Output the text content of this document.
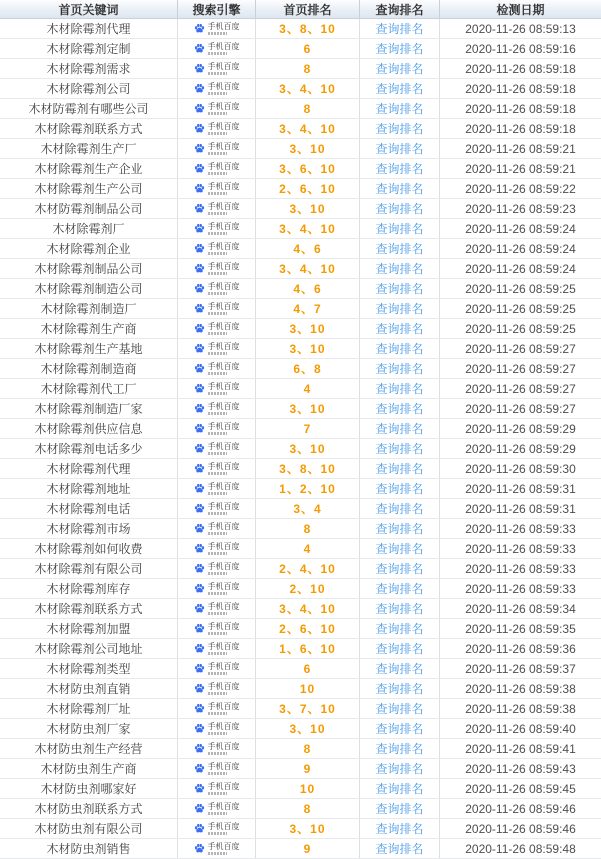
首页关键词	搜索引擎	首页排名	查询排名	检测日期
木材除霉剂代理	手机百度	3、8、10	查询排名	2020-11-26 08:59:13
木材除霉剂定制	手机百度	6	查询排名	2020-11-26 08:59:16
木材除霉剂需求	手机百度	8	查询排名	2020-11-26 08:59:18
木材除霉剂公司	手机百度	3、4、10	查询排名	2020-11-26 08:59:18
木材防霉剂有哪些公司	手机百度	8	查询排名	2020-11-26 08:59:18
木材除霉剂联系方式	手机百度	3、4、10	查询排名	2020-11-26 08:59:18
木材除霉剂生产厂	手机百度	3、10	查询排名	2020-11-26 08:59:21
木材除霉剂生产企业	手机百度	3、6、10	查询排名	2020-11-26 08:59:21
木材除霉剂生产公司	手机百度	2、6、10	查询排名	2020-11-26 08:59:22
木材防霉剂制品公司	手机百度	3、10	查询排名	2020-11-26 08:59:23
木材除霉剂厂	手机百度	3、4、10	查询排名	2020-11-26 08:59:24
木材除霉剂企业	手机百度	4、6	查询排名	2020-11-26 08:59:24
木材除霉剂制品公司	手机百度	3、4、10	查询排名	2020-11-26 08:59:24
木材除霉剂制造公司	手机百度	4、6	查询排名	2020-11-26 08:59:25
木材除霉剂制造厂	手机百度	4、7	查询排名	2020-11-26 08:59:25
木材除霉剂生产商	手机百度	3、10	查询排名	2020-11-26 08:59:25
木材除霉剂生产基地	手机百度	3、10	查询排名	2020-11-26 08:59:27
木材除霉剂制造商	手机百度	6、8	查询排名	2020-11-26 08:59:27
木材除霉剂代工厂	手机百度	4	查询排名	2020-11-26 08:59:27
木材除霉剂制造厂家	手机百度	3、10	查询排名	2020-11-26 08:59:27
木材除霉剂供应信息	手机百度	7	查询排名	2020-11-26 08:59:29
木材除霉剂电话多少	手机百度	3、10	查询排名	2020-11-26 08:59:29
木材除霉剂代理	手机百度	3、8、10	查询排名	2020-11-26 08:59:30
木材除霉剂地址	手机百度	1、2、10	查询排名	2020-11-26 08:59:31
木材除霉剂电话	手机百度	3、4	查询排名	2020-11-26 08:59:31
木材除霉剂市场	手机百度	8	查询排名	2020-11-26 08:59:33
木材除霉剂如何收费	手机百度	4	查询排名	2020-11-26 08:59:33
木材除霉剂有限公司	手机百度	2、4、10	查询排名	2020-11-26 08:59:33
木材除霉剂库存	手机百度	2、10	查询排名	2020-11-26 08:59:33
木材除霉剂联系方式	手机百度	3、4、10	查询排名	2020-11-26 08:59:34
木材除霉剂加盟	手机百度	2、6、10	查询排名	2020-11-26 08:59:35
木材除霉剂公司地址	手机百度	1、6、10	查询排名	2020-11-26 08:59:36
木材除霉剂类型	手机百度	6	查询排名	2020-11-26 08:59:37
木材防虫剂直销	手机百度	10	查询排名	2020-11-26 08:59:38
木材除霉剂厂址	手机百度	3、7、10	查询排名	2020-11-26 08:59:38
木材防虫剂厂家	手机百度	3、10	查询排名	2020-11-26 08:59:40
木材防虫剂生产经营	手机百度	8	查询排名	2020-11-26 08:59:41
木材防虫剂生产商	手机百度	9	查询排名	2020-11-26 08:59:43
木材防虫剂哪家好	手机百度	10	查询排名	2020-11-26 08:59:45
木材防虫剂联系方式	手机百度	8	查询排名	2020-11-26 08:59:46
木材防虫剂有限公司	手机百度	3、10	查询排名	2020-11-26 08:59:46
木材防虫剂销售	手机百度	9	查询排名	2020-11-26 08:59:48
